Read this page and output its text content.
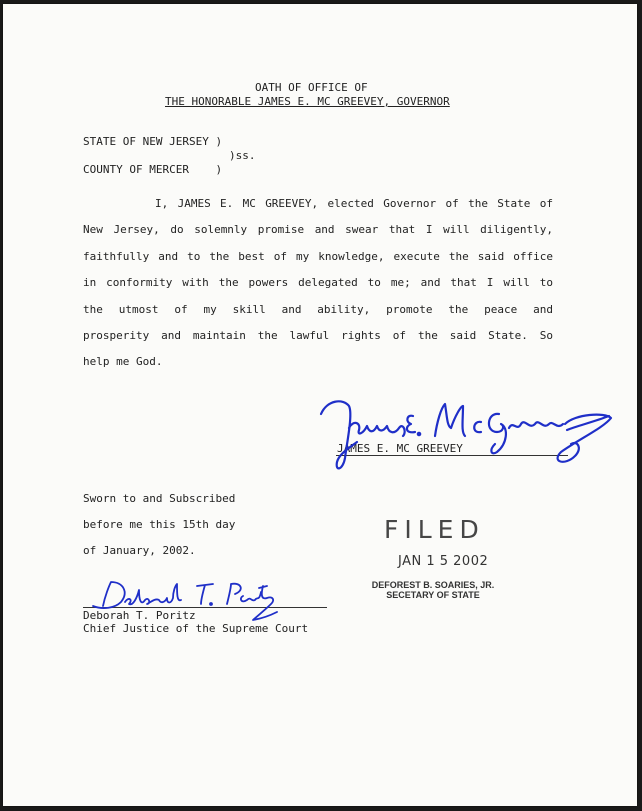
OATH OF OFFICE OF
THE HONORABLE JAMES E. MC GREEVEY, GOVERNOR
STATE OF NEW JERSEY )
)ss.
COUNTY OF MERCER    )
I, JAMES E. MC GREEVEY, elected Governor of the State of
New Jersey, do solemnly promise and swear that I will diligently,
faithfully and to the best of my knowledge, execute the said office
in conformity with the powers delegated to me; and that I will to
the utmost of my skill and ability, promote the peace and
prosperity and maintain the lawful rights of the said State. So
help me God.
JAMES E. MC GREEVEY
Sworn to and Subscribed
before me this 15th day
of January, 2002.
Deborah T. Poritz
Chief Justice of the Supreme Court
FILED
JAN 1 5 2002
DEFOREST B. SOARIES, JR.
SECETARY OF STATE
